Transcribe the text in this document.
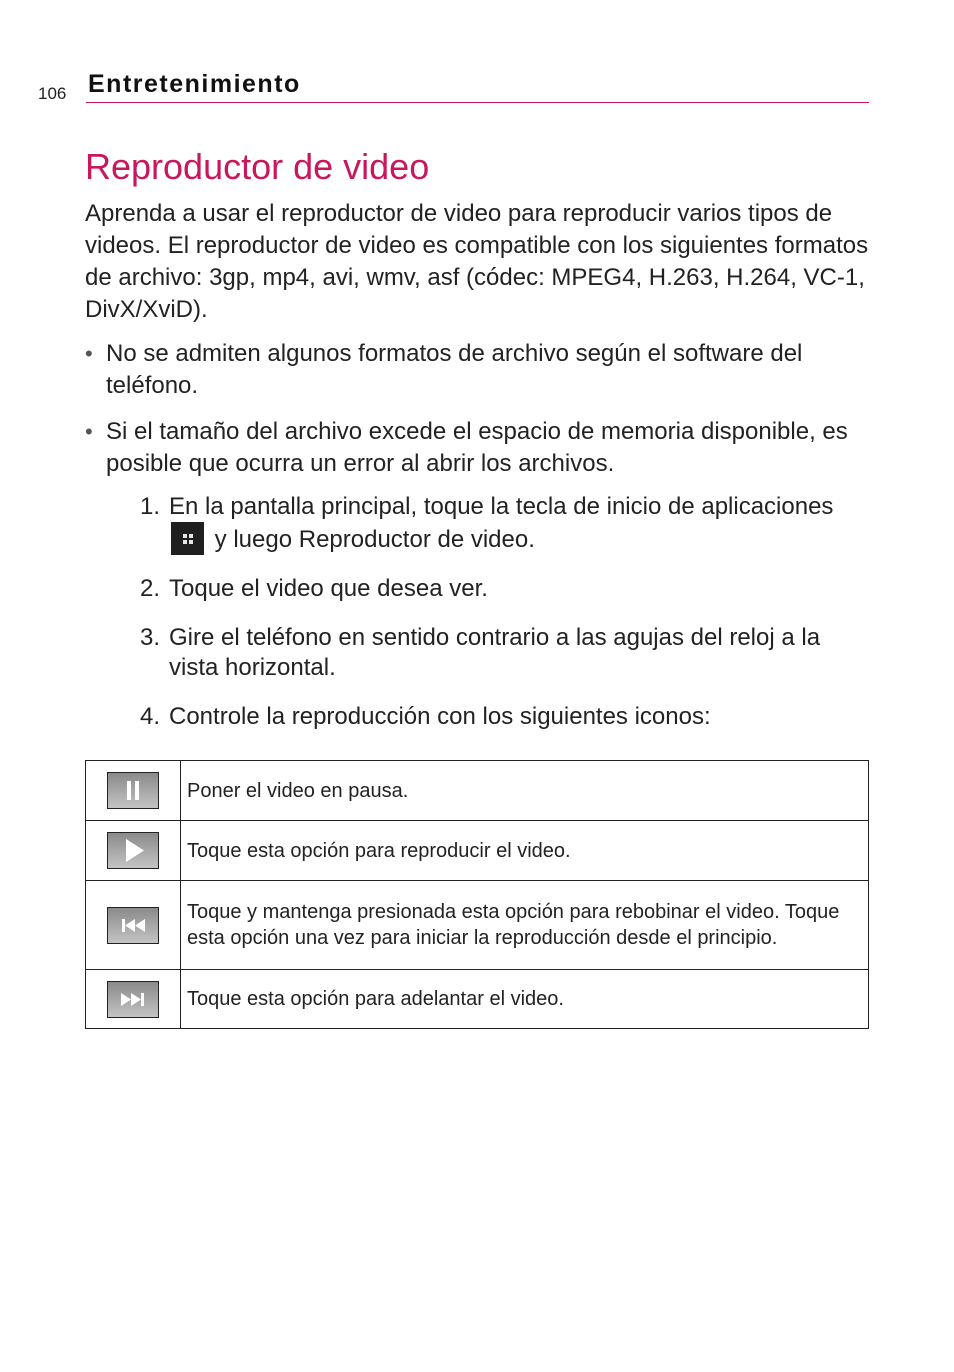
106 Entretenimiento
Reproductor de video

Aprenda a usar el reproductor de video para reproducir varios tipos de videos. El reproductor de video es compatible con los siguientes formatos de archivo: 3gp, mp4, avi, wmv, asf (códec: MPEG4, H.263, H.264, VC-1, DivX/XviD).

• No se admiten algunos formatos de archivo según el software del teléfono.
• Si el tamaño del archivo excede el espacio de memoria disponible, es posible que ocurra un error al abrir los archivos.
1. En la pantalla principal, toque la tecla de inicio de aplicaciones
y luego Reproductor de video.
2. Toque el video que desea ver.
3. Gire el teléfono en sentido contrario a las agujas del reloj a la vista horizontal.
4. Controle la reproducción con los siguientes iconos:
	Poner el video en pausa.

	Toque esta opción para reproducir el video.

	Toque y mantenga presionada esta opción para rebobinar el video. Toque esta opción una vez para iniciar la reproducción desde el principio.

	Toque esta opción para adelantar el video.
